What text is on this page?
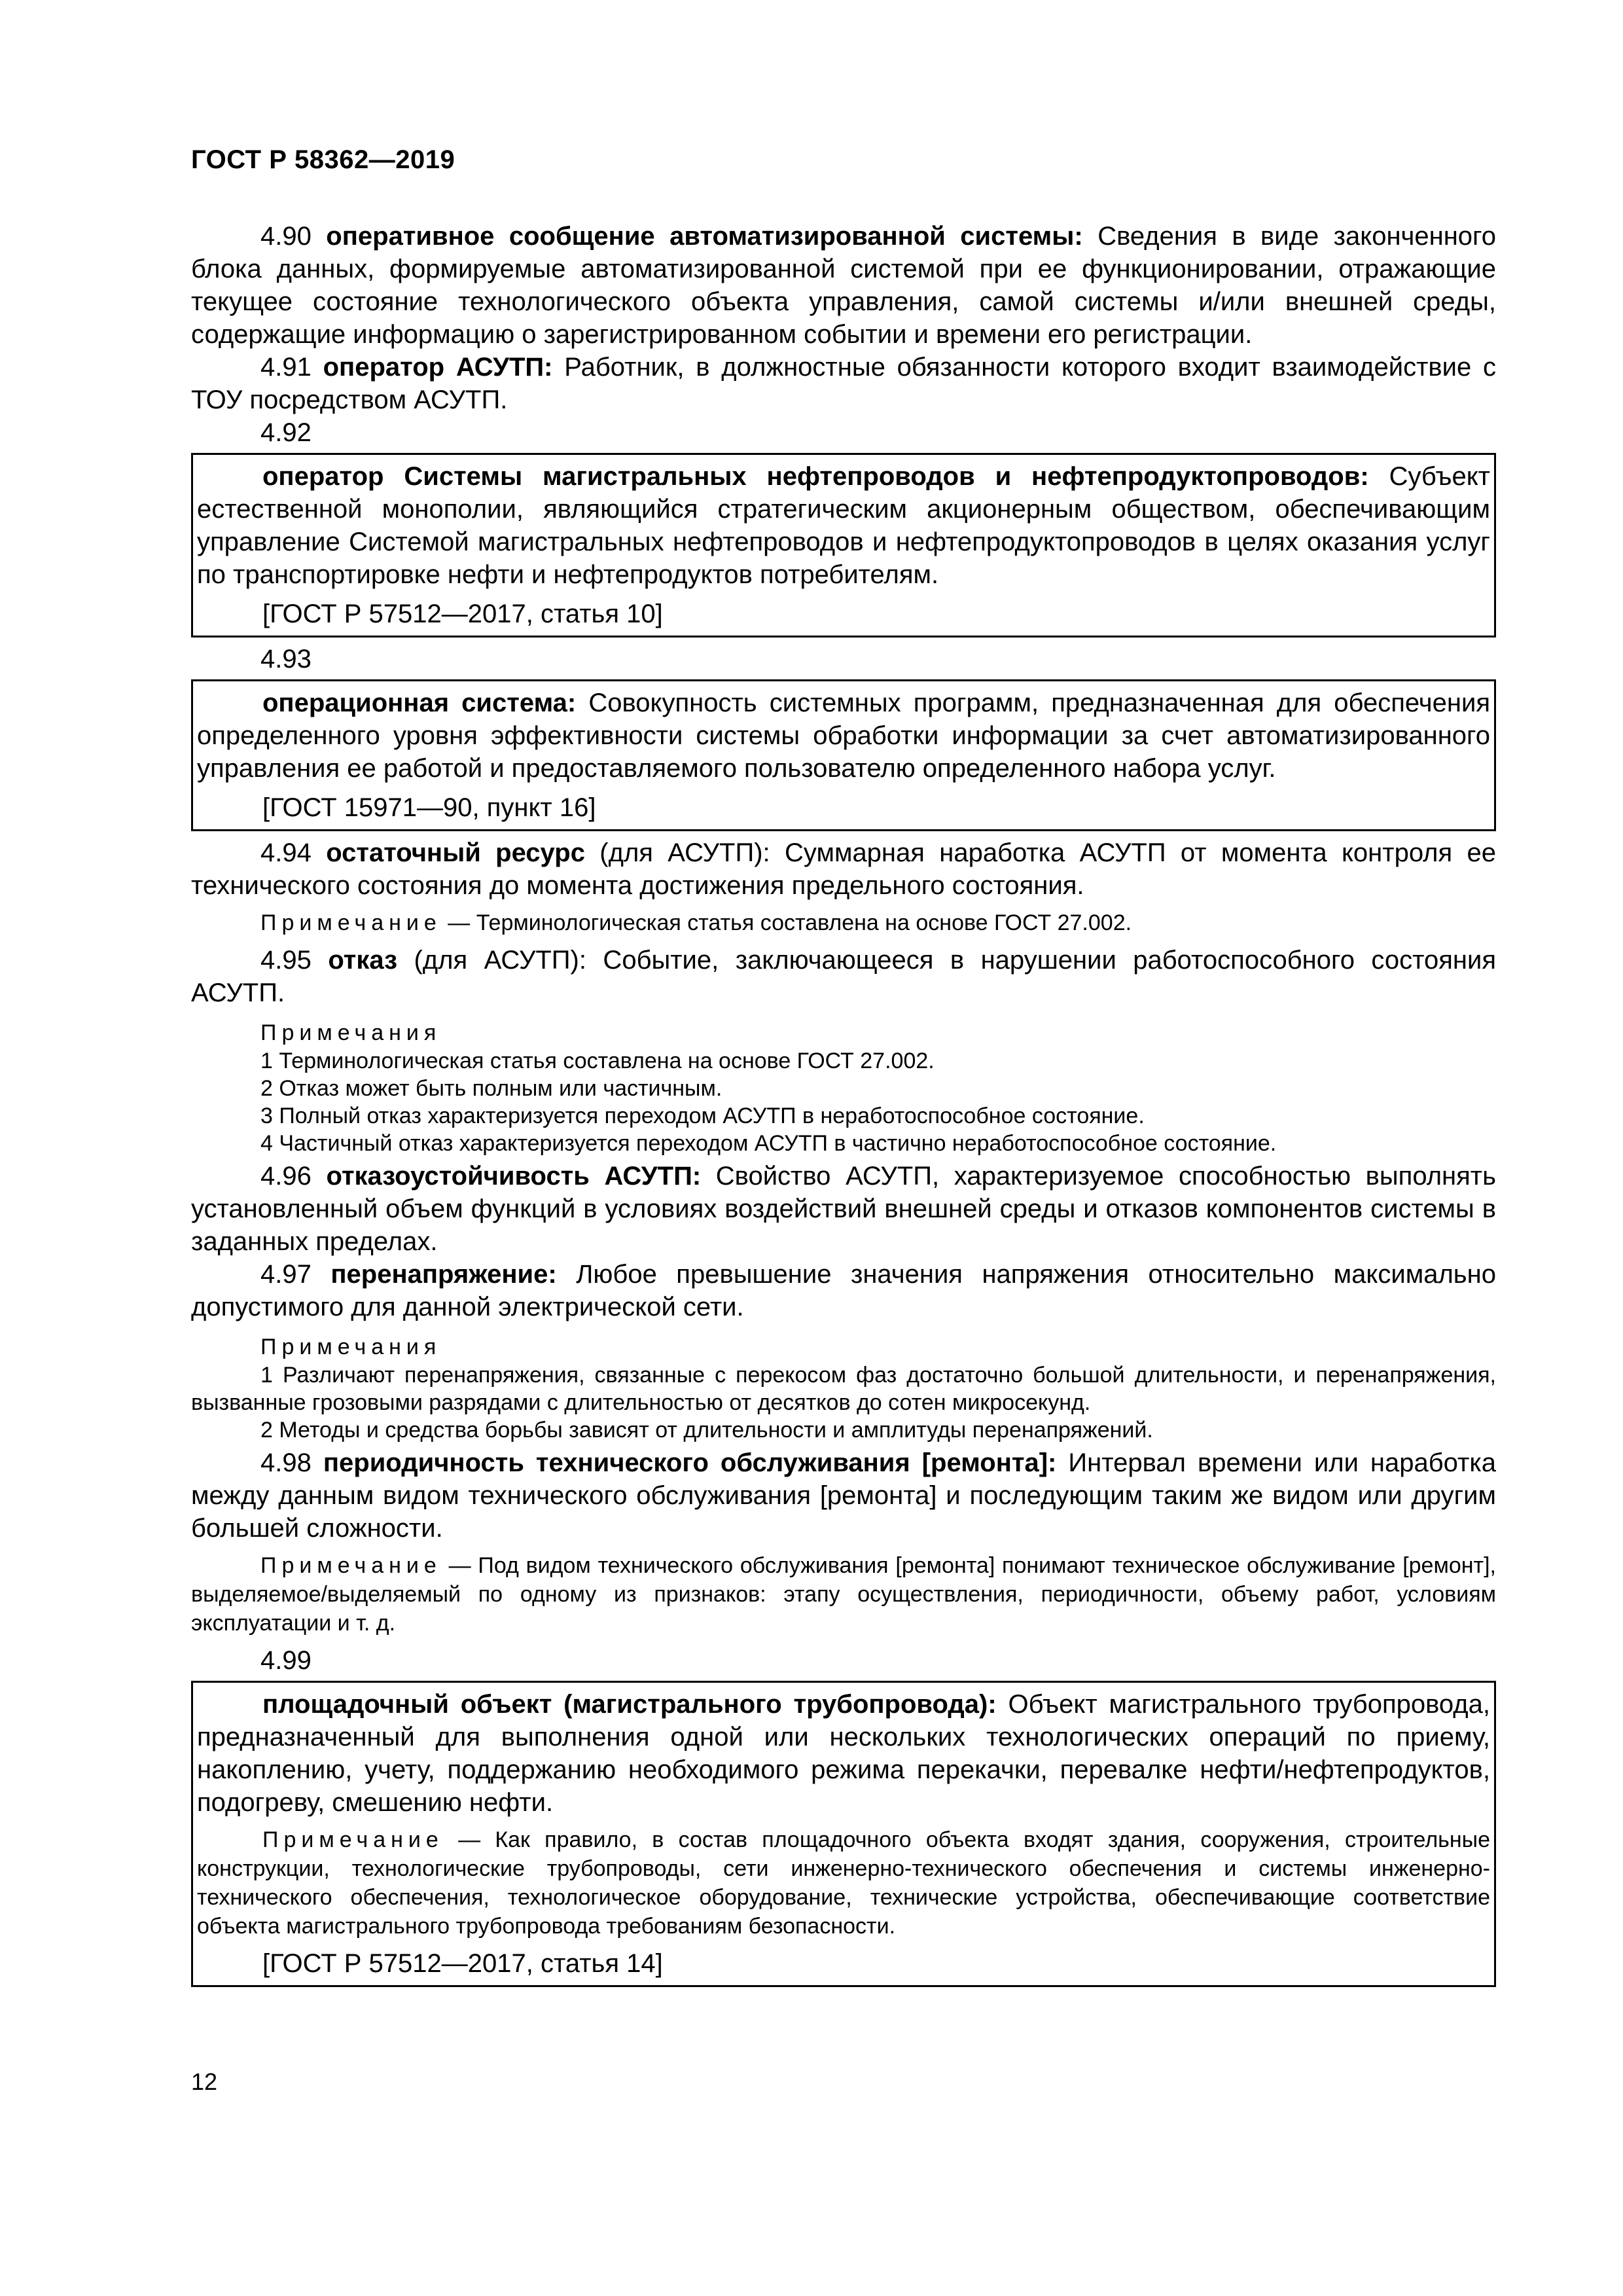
ГОСТ Р 58362—2019

4.90 оперативное сообщение автоматизированной системы: Сведения в виде законченного блока данных, формируемые автоматизированной системой при ее функционировании, отражающие текущее состояние технологического объекта управления, самой системы и/или внешней среды, содержащие информацию о зарегистрированном событии и времени его регистрации.

4.91 оператор АСУТП: Работник, в должностные обязанности которого входит взаимодействие с ТОУ посредством АСУТП.

4.92

оператор Системы магистральных нефтепроводов и нефтепродуктопроводов: Субъект естественной монополии, являющийся стратегическим акционерным обществом, обеспечивающим управление Системой магистральных нефтепроводов и нефтепродуктопроводов в целях оказания услуг по транспортировке нефти и нефтепродуктов потребителям.

[ГОСТ Р 57512—2017, статья 10]

4.93

операционная система: Совокупность системных программ, предназначенная для обеспечения определенного уровня эффективности системы обработки информации за счет автоматизированного управления ее работой и предоставляемого пользователю определенного набора услуг.

[ГОСТ 15971—90, пункт 16]

4.94 остаточный ресурс (для АСУТП): Суммарная наработка АСУТП от момента контроля ее технического состояния до момента достижения предельного состояния.

Примечание — Терминологическая статья составлена на основе ГОСТ 27.002.

4.95 отказ (для АСУТП): Событие, заключающееся в нарушении работоспособного состояния АСУТП.

Примечания
1 Терминологическая статья составлена на основе ГОСТ 27.002.
2 Отказ может быть полным или частичным.
3 Полный отказ характеризуется переходом АСУТП в неработоспособное состояние.
4 Частичный отказ характеризуется переходом АСУТП в частично неработоспособное состояние.

4.96 отказоустойчивость АСУТП: Свойство АСУТП, характеризуемое способностью выполнять установленный объем функций в условиях воздействий внешней среды и отказов компонентов системы в заданных пределах.

4.97 перенапряжение: Любое превышение значения напряжения относительно максимально допустимого для данной электрической сети.

Примечания
1 Различают перенапряжения, связанные с перекосом фаз достаточно большой длительности, и перенапряжения, вызванные грозовыми разрядами с длительностью от десятков до сотен микросекунд.
2 Методы и средства борьбы зависят от длительности и амплитуды перенапряжений.

4.98 периодичность технического обслуживания [ремонта]: Интервал времени или наработка между данным видом технического обслуживания [ремонта] и последующим таким же видом или другим большей сложности.

Примечание — Под видом технического обслуживания [ремонта] понимают техническое обслуживание [ремонт], выделяемое/выделяемый по одному из признаков: этапу осуществления, периодичности, объему работ, условиям эксплуатации и т. д.

4.99

площадочный объект (магистрального трубопровода): Объект магистрального трубопровода, предназначенный для выполнения одной или нескольких технологических операций по приему, накоплению, учету, поддержанию необходимого режима перекачки, перевалке нефти/нефтепродуктов, подогреву, смешению нефти.

Примечание — Как правило, в состав площадочного объекта входят здания, сооружения, строительные конструкции, технологические трубопроводы, сети инженерно-технического обеспечения и системы инженерно-технического обеспечения, технологическое оборудование, технические устройства, обеспечивающие соответствие объекта магистрального трубопровода требованиям безопасности.

[ГОСТ Р 57512—2017, статья 14]
12
